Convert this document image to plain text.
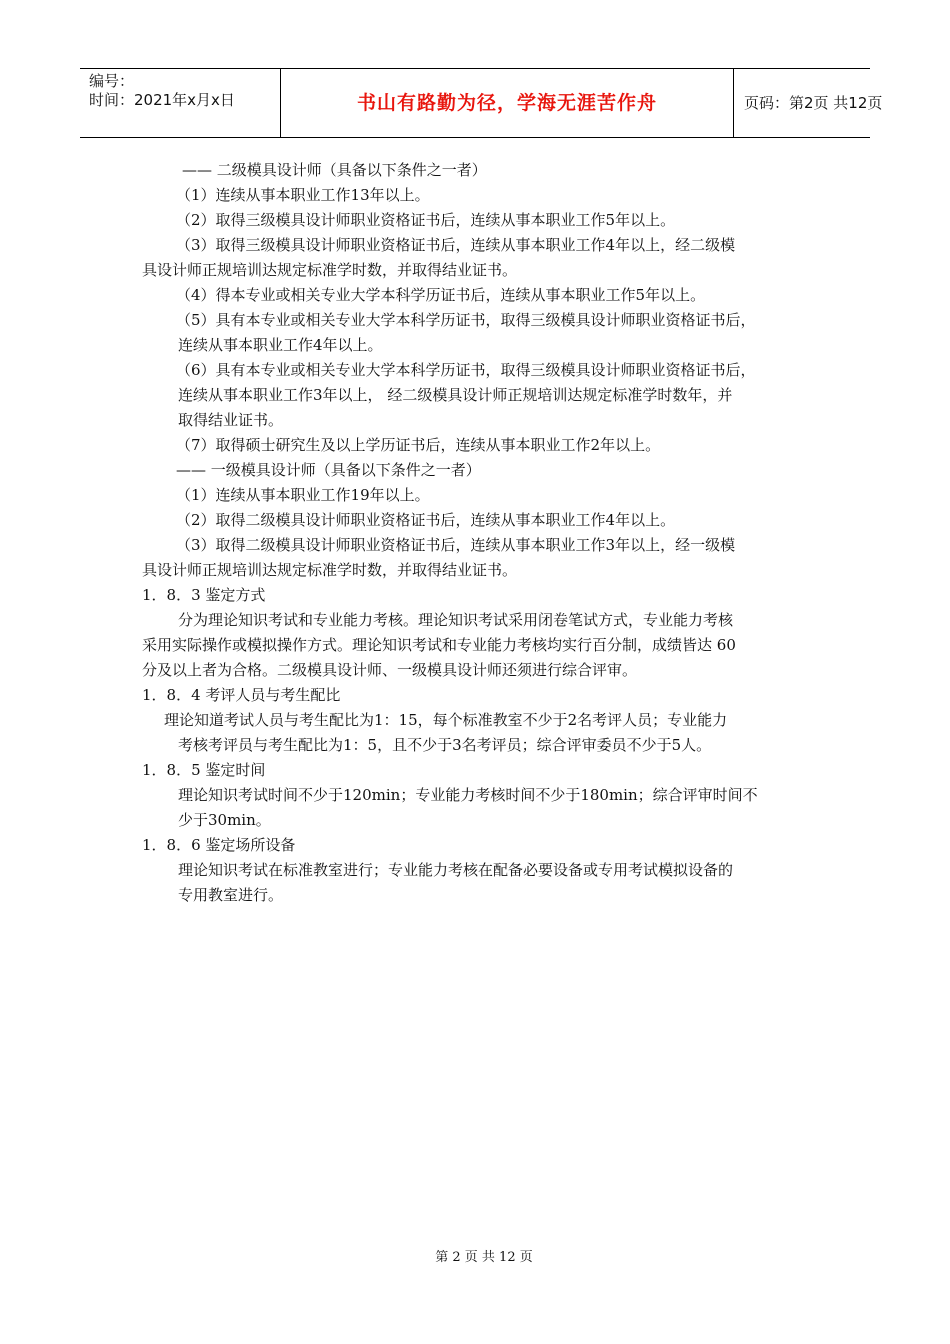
编号：
时间：2021年x月x日	书山有路勤为径，学海无涯苦作舟	页码：第2页 共12页
—— 二级模具设计师（具备以下条件之一者）
（1）连续从事本职业工作13年以上。
（2）取得三级模具设计师职业资格证书后，连续从事本职业工作5年以上。
（3）取得三级模具设计师职业资格证书后，连续从事本职业工作4年以上，经二级模
具设计师正规培训达规定标准学时数，并取得结业证书。
（4）得本专业或相关专业大学本科学历证书后，连续从事本职业工作5年以上。
（5）具有本专业或相关专业大学本科学历证书，取得三级模具设计师职业资格证书后，
连续从事本职业工作4年以上。
（6）具有本专业或相关专业大学本科学历证书，取得三级模具设计师职业资格证书后，
连续从事本职业工作3年以上， 经二级模具设计师正规培训达规定标准学时数年，并
取得结业证书。
（7）取得硕士研究生及以上学历证书后，连续从事本职业工作2年以上。
—— 一级模具设计师（具备以下条件之一者）
（1）连续从事本职业工作19年以上。
（2）取得二级模具设计师职业资格证书后，连续从事本职业工作4年以上。
（3）取得二级模具设计师职业资格证书后，连续从事本职业工作3年以上，经一级模
具设计师正规培训达规定标准学时数，并取得结业证书。
1．8．3 鉴定方式
分为理论知识考试和专业能力考核。理论知识考试采用闭卷笔试方式，专业能力考核
采用实际操作或模拟操作方式。理论知识考试和专业能力考核均实行百分制，成绩皆达 60
分及以上者为合格。二级模具设计师、一级模具设计师还须进行综合评审。
1．8．4 考评人员与考生配比
理论知道考试人员与考生配比为1：15，每个标准教室不少于2名考评人员；专业能力
考核考评员与考生配比为1：5，且不少于3名考评员；综合评审委员不少于5人。
1．8．5 鉴定时间
理论知识考试时间不少于120min；专业能力考核时间不少于180min；综合评审时间不
少于30min。
1．8．6 鉴定场所设备
理论知识考试在标准教室进行；专业能力考核在配备必要设备或专用考试模拟设备的
专用教室进行。
第 2 页 共 12 页
